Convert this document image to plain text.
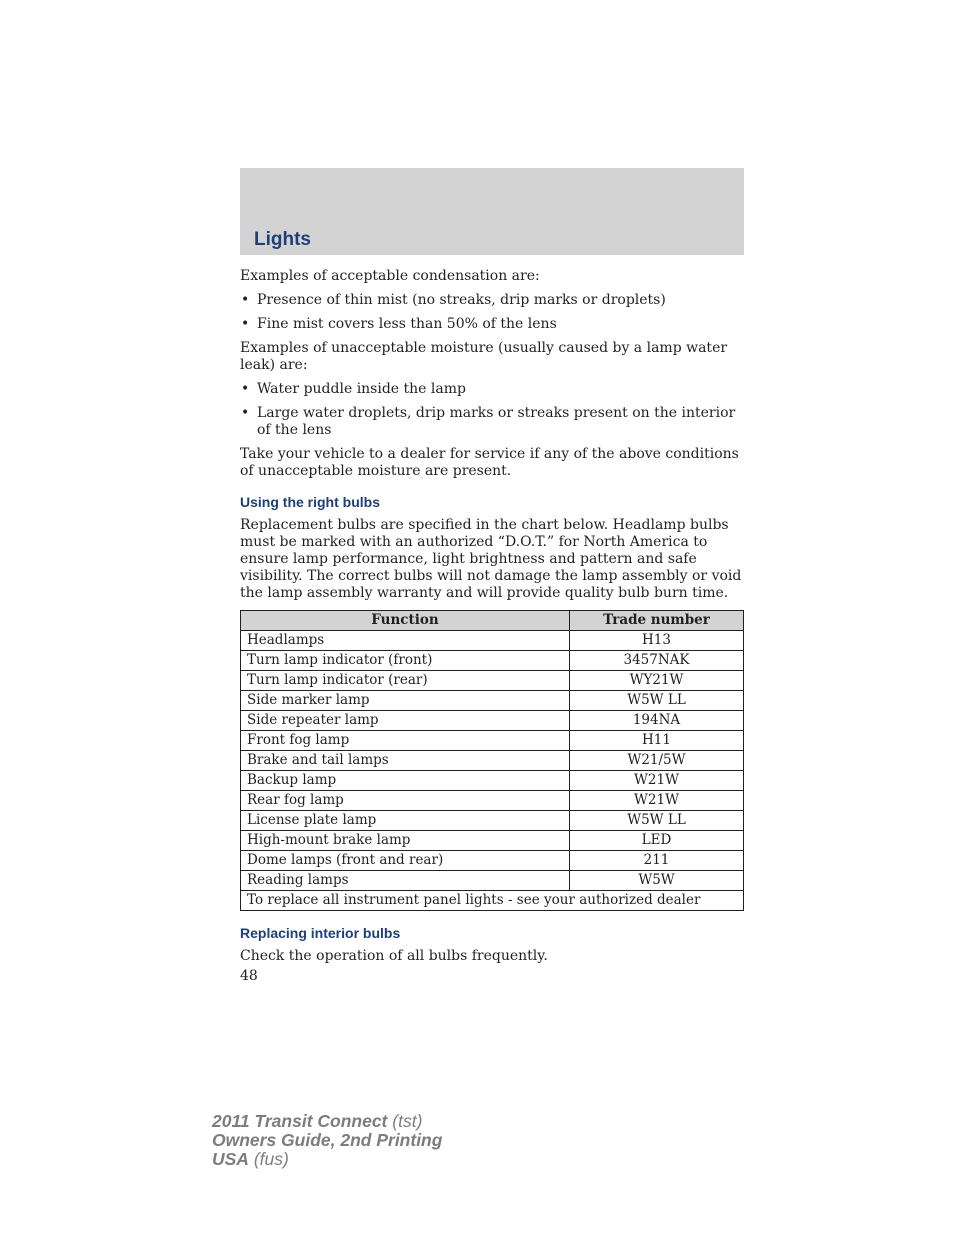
Lights

Examples of acceptable condensation are:

• Presence of thin mist (no streaks, drip marks or droplets)
• Fine mist covers less than 50% of the lens

Examples of unacceptable moisture (usually caused by a lamp water leak) are:

• Water puddle inside the lamp
• Large water droplets, drip marks or streaks present on the interior of the lens

Take your vehicle to a dealer for service if any of the above conditions of unacceptable moisture are present.

Using the right bulbs

Replacement bulbs are specified in the chart below. Headlamp bulbs must be marked with an authorized “D.O.T.” for North America to ensure lamp performance, light brightness and pattern and safe visibility. The correct bulbs will not damage the lamp assembly or void the lamp assembly warranty and will provide quality bulb burn time.

Function	Trade number
Headlamps	H13
Turn lamp indicator (front)	3457NAK
Turn lamp indicator (rear)	WY21W
Side marker lamp	W5W LL
Side repeater lamp	194NA
Front fog lamp	H11
Brake and tail lamps	W21/5W
Backup lamp	W21W
Rear fog lamp	W21W
License plate lamp	W5W LL
High-mount brake lamp	LED
Dome lamps (front and rear)	211
Reading lamps	W5W
To replace all instrument panel lights - see your authorized dealer	
Replacing interior bulbs

Check the operation of all bulbs frequently.

48
2011 Transit Connect (tst)
Owners Guide, 2nd Printing
USA (fus)
